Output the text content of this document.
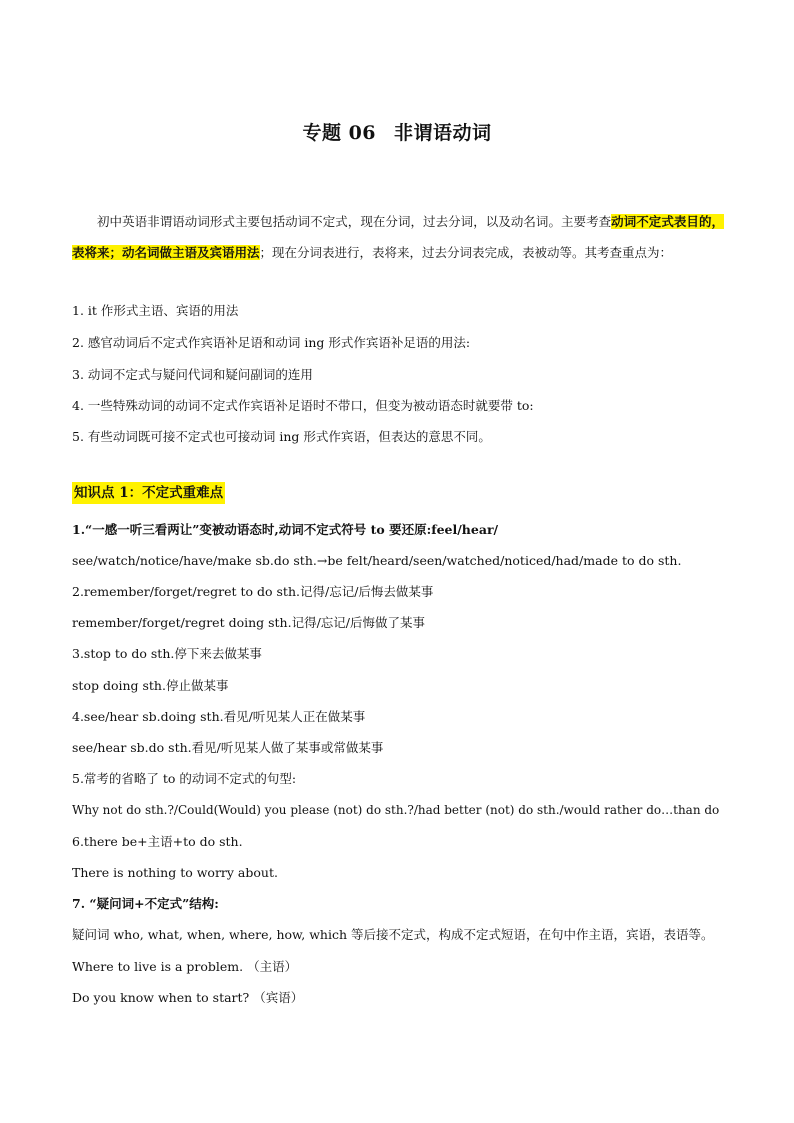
专题 06 非谓语动词
初中英语非谓语动词形式主要包括动词不定式，现在分词，过去分词，以及动名词。主要考查动词不定式表目的，表将来；动名词做主语及宾语用法；现在分词表进行，表将来，过去分词表完成，表被动等。其考查重点为：
1. it 作形式主语、宾语的用法
2. 感官动词后不定式作宾语补足语和动词 ing 形式作宾语补足语的用法:
3. 动词不定式与疑问代词和疑问副词的连用
4. 一些特殊动词的动词不定式作宾语补足语时不带口，但变为被动语态时就要带 to:
5. 有些动词既可接不定式也可接动词 ing 形式作宾语，但表达的意思不同。
知识点 1：不定式重难点
1.“一感一听三看两让”变被动语态时,动词不定式符号 to 要还原:feel/hear/
see/watch/notice/have/make sb.do sth.→be felt/heard/seen/watched/noticed/had/made to do sth.
2.remember/forget/regret to do sth.记得/忘记/后悔去做某事
remember/forget/regret doing sth.记得/忘记/后悔做了某事
3.stop to do sth.停下来去做某事
stop doing sth.停止做某事
4.see/hear sb.doing sth.看见/听见某人正在做某事
see/hear sb.do sth.看见/听见某人做了某事或常做某事
5.常考的省略了 to 的动词不定式的句型:
Why not do sth.?/Could(Would) you please (not) do sth.?/had better (not) do sth./would rather do…than do
6.there be+主语+to do sth.
There is nothing to worry about.
7. “疑问词+不定式”结构:
疑问词 who, what, when, where, how, which 等后接不定式，构成不定式短语，在句中作主语，宾语，表语等。
Where to live is a problem. （主语）
Do you know when to start? （宾语）
